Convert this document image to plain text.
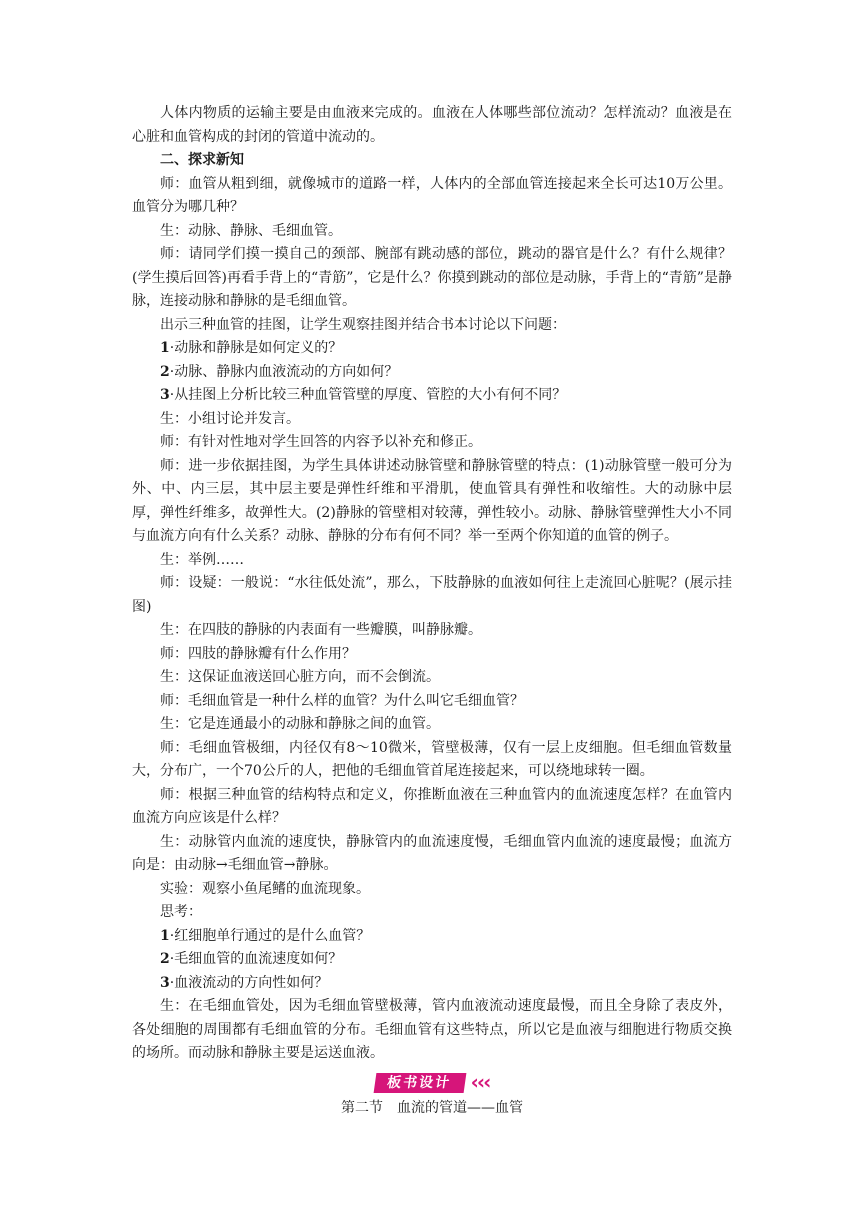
人体内物质的运输主要是由血液来完成的。血液在人体哪些部位流动？怎样流动？血液是在心脏和血管构成的封闭的管道中流动的。

二、探求新知

师：血管从粗到细，就像城市的道路一样，人体内的全部血管连接起来全长可达10万公里。血管分为哪几种？

生：动脉、静脉、毛细血管。

师：请同学们摸一摸自己的颈部、腕部有跳动感的部位，跳动的器官是什么？有什么规律？(学生摸后回答)再看手背上的“青筋”，它是什么？你摸到跳动的部位是动脉，手背上的“青筋”是静脉，连接动脉和静脉的是毛细血管。

出示三种血管的挂图，让学生观察挂图并结合书本讨论以下问题：

1·动脉和静脉是如何定义的？

2·动脉、静脉内血液流动的方向如何？

3·从挂图上分析比较三种血管管壁的厚度、管腔的大小有何不同？

生：小组讨论并发言。

师：有针对性地对学生回答的内容予以补充和修正。

师：进一步依据挂图，为学生具体讲述动脉管壁和静脉管壁的特点：(1)动脉管壁一般可分为外、中、内三层，其中层主要是弹性纤维和平滑肌，使血管具有弹性和收缩性。大的动脉中层厚，弹性纤维多，故弹性大。(2)静脉的管壁相对较薄，弹性较小。动脉、静脉管壁弹性大小不同与血流方向有什么关系？动脉、静脉的分布有何不同？举一至两个你知道的血管的例子。

生：举例……

师：设疑：一般说：“水往低处流”，那么，下肢静脉的血液如何往上走流回心脏呢？(展示挂图)

生：在四肢的静脉的内表面有一些瓣膜，叫静脉瓣。

师：四肢的静脉瓣有什么作用？

生：这保证血液送回心脏方向，而不会倒流。

师：毛细血管是一种什么样的血管？为什么叫它毛细血管？

生：它是连通最小的动脉和静脉之间的血管。

师：毛细血管极细，内径仅有8～10微米，管壁极薄，仅有一层上皮细胞。但毛细血管数量大，分布广，一个70公斤的人，把他的毛细血管首尾连接起来，可以绕地球转一圈。

师：根据三种血管的结构特点和定义，你推断血液在三种血管内的血流速度怎样？在血管内血流方向应该是什么样？

生：动脉管内血流的速度快，静脉管内的血流速度慢，毛细血管内血流的速度最慢；血流方向是：由动脉→毛细血管→静脉。

实验：观察小鱼尾鳍的血流现象。

思考：

1·红细胞单行通过的是什么血管？

2·毛细血管的血流速度如何？

3·血液流动的方向性如何？

生：在毛细血管处，因为毛细血管壁极薄，管内血液流动速度最慢，而且全身除了表皮外，各处细胞的周围都有毛细血管的分布。毛细血管有这些特点，所以它是血液与细胞进行物质交换的场所。而动脉和静脉主要是运送血液。

板书设计 ‹‹‹
第二节　血流的管道——血管
